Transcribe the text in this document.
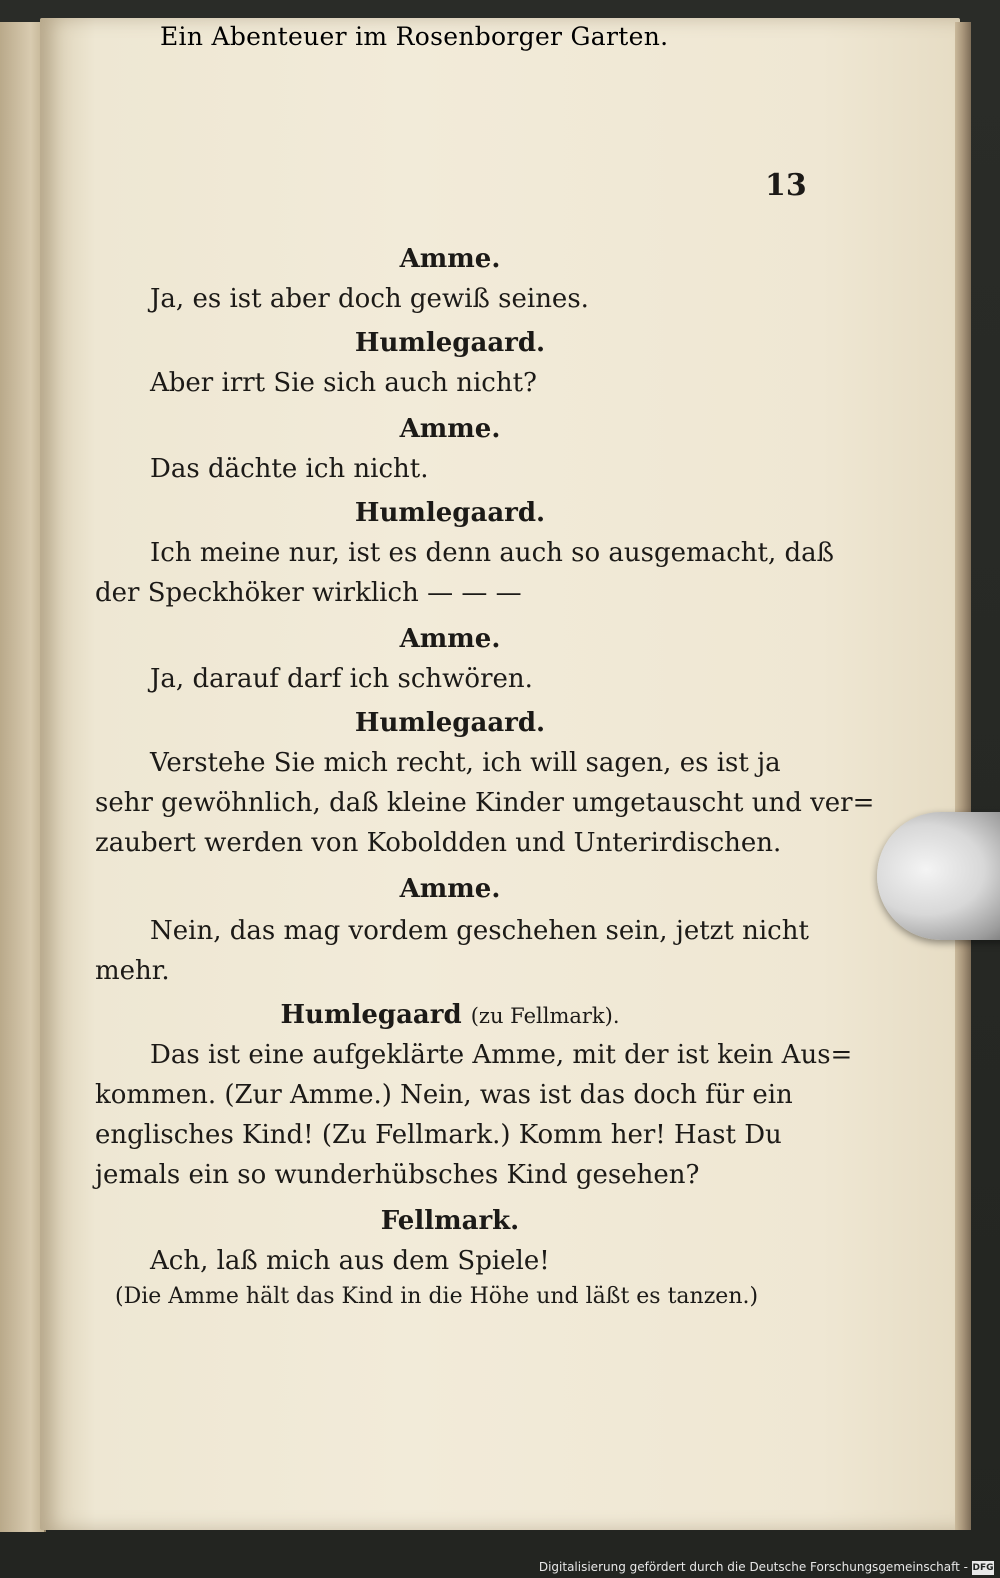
Ein Abenteuer im Rosenborger Garten.
13
Amme.
Ja, es ist aber doch gewiß seines.
Humlegaard.
Aber irrt Sie sich auch nicht?
Amme.
Das dächte ich nicht.
Humlegaard.
Ich meine nur, ist es denn auch so ausgemacht, daß
der Speckhöker wirklich — — —
Amme.
Ja, darauf darf ich schwören.
Humlegaard.
Verstehe Sie mich recht, ich will sagen, es ist ja
sehr gewöhnlich, daß kleine Kinder umgetauscht und ver=
zaubert werden von Koboldden und Unterirdischen.
Amme.
Nein, das mag vordem geschehen sein, jetzt nicht
mehr.
Humlegaard (zu Fellmark).
Das ist eine aufgeklärte Amme, mit der ist kein Aus=
kommen. (Zur Amme.) Nein, was ist das doch für ein
englisches Kind! (Zu Fellmark.) Komm her! Hast Du
jemals ein so wunderhübsches Kind gesehen?
Fellmark.
Ach, laß mich aus dem Spiele!
(Die Amme hält das Kind in die Höhe und läßt es tanzen.)
Digitalisierung gefördert durch die Deutsche Forschungsgemeinschaft - DFG
